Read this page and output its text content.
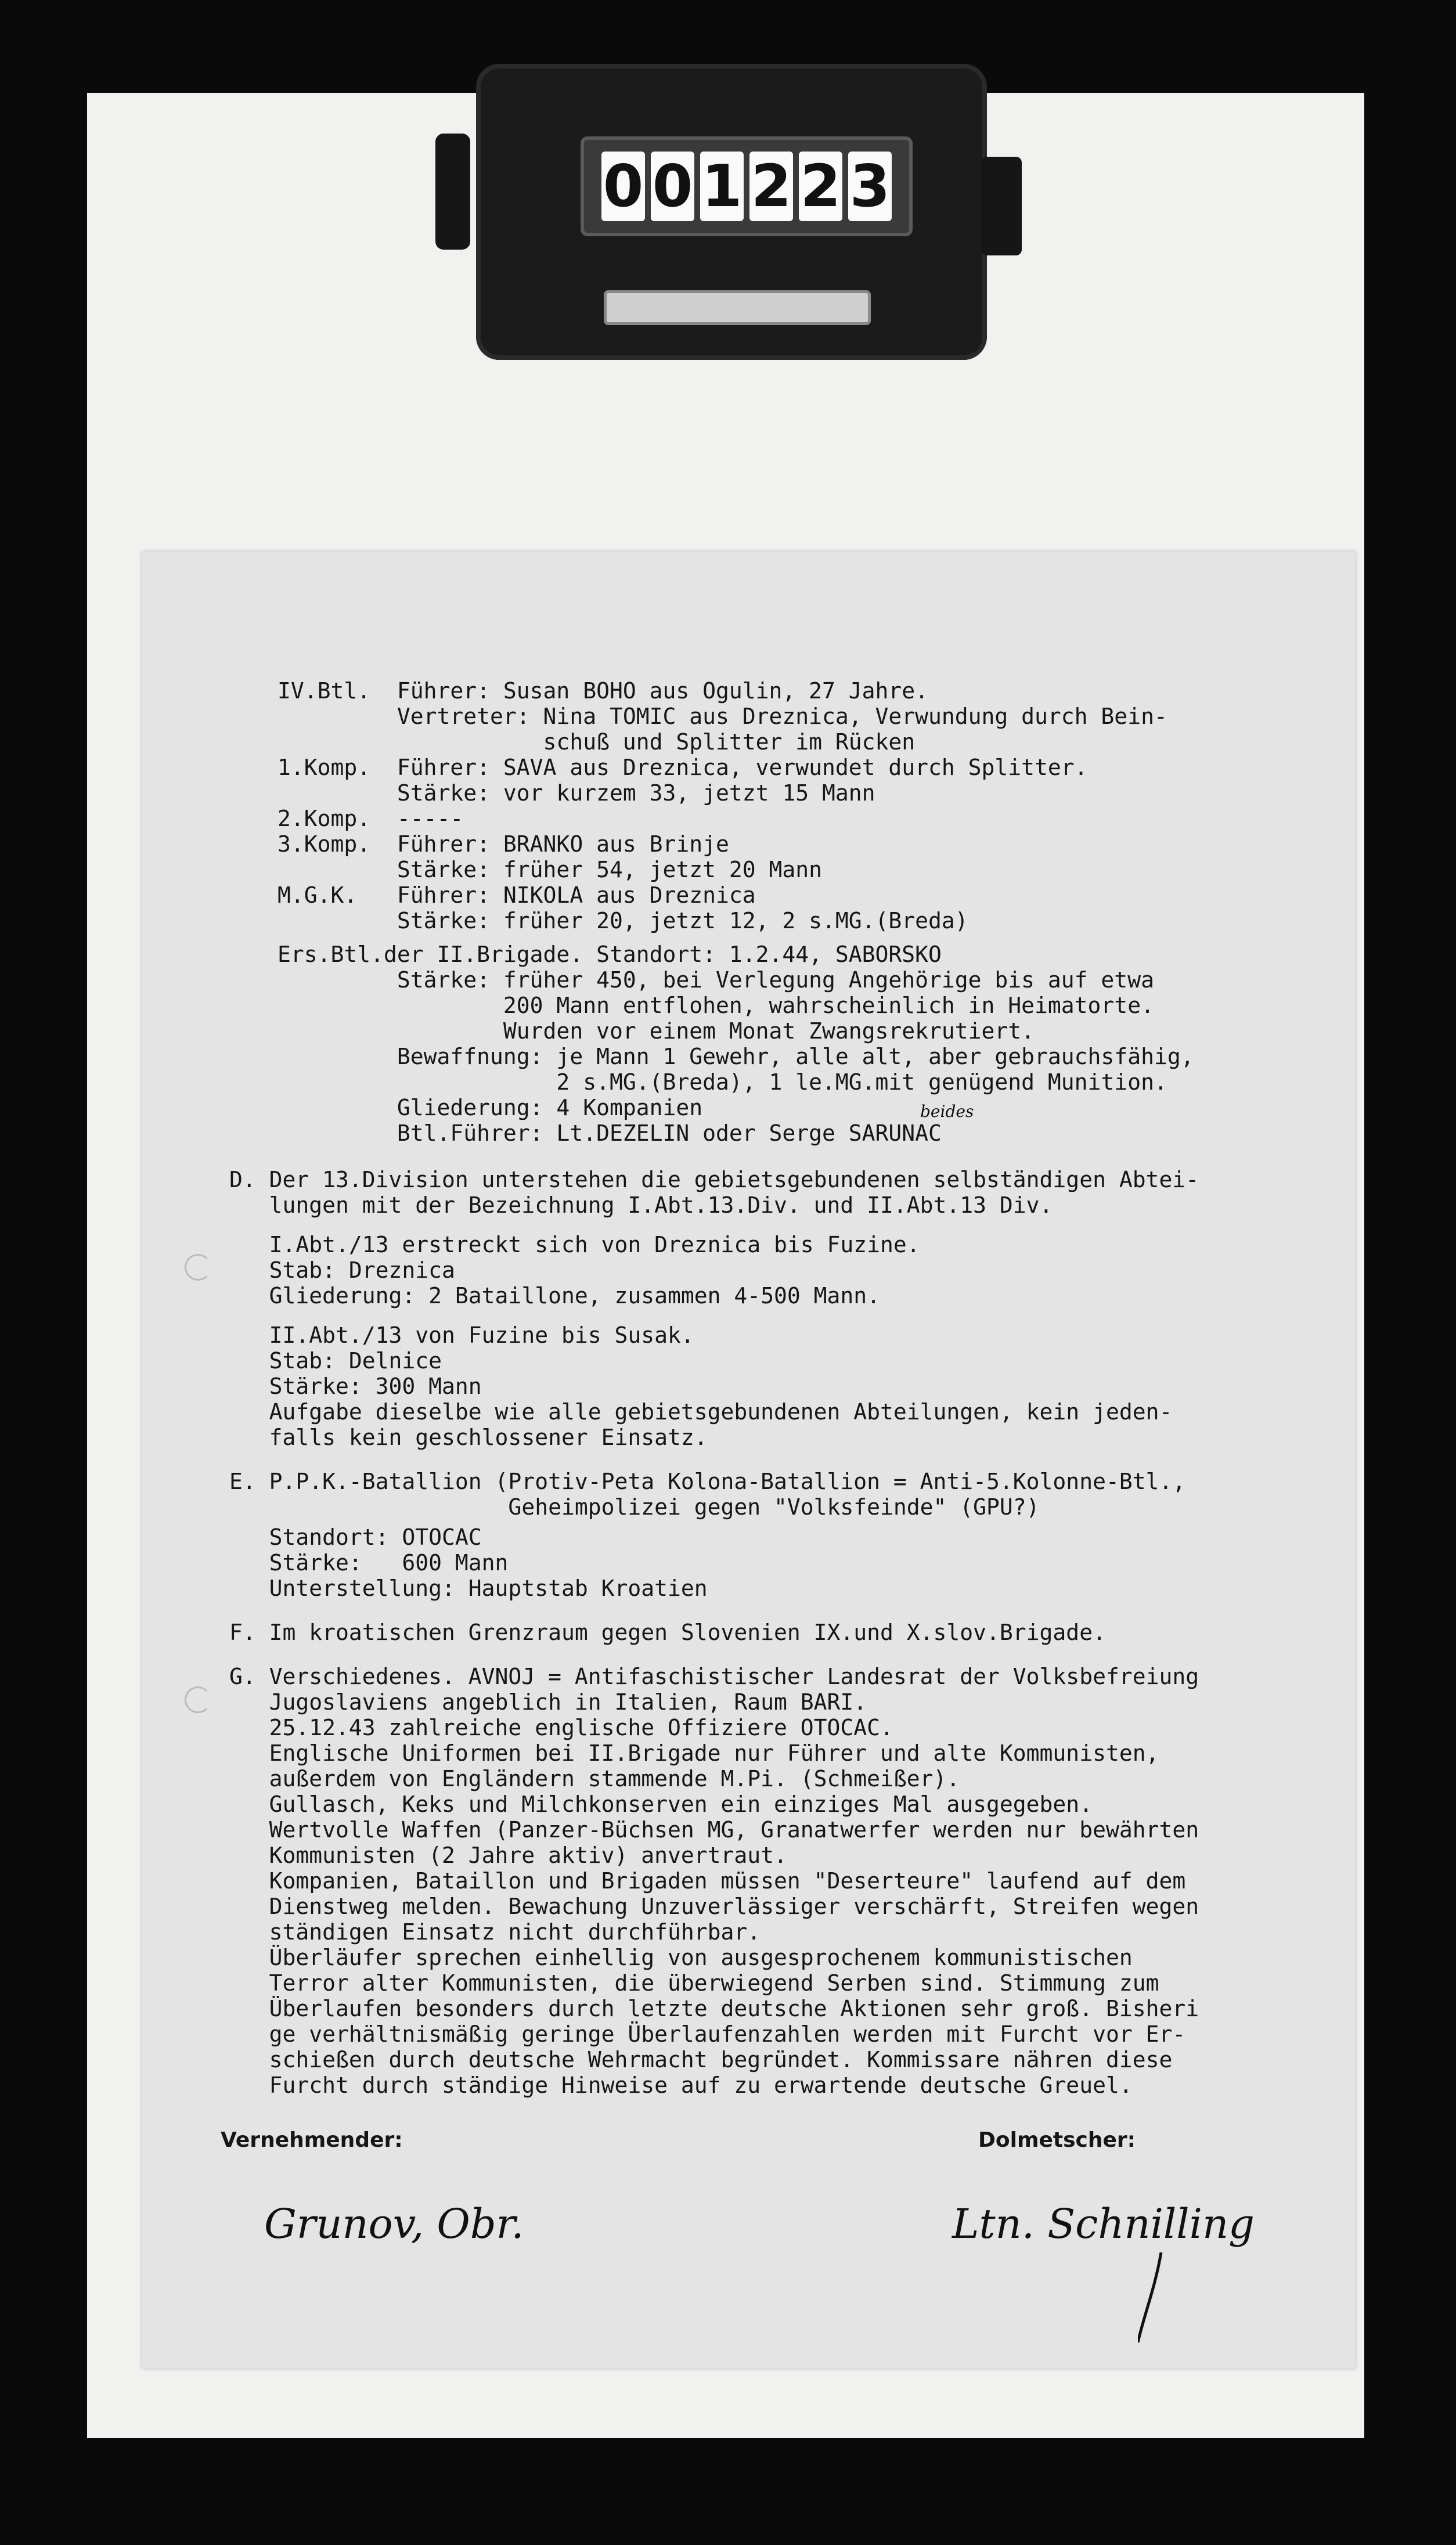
0 0 1 2 2 3
IV.Btl.  Führer: Susan BOHO aus Ogulin, 27 Jahre.
Vertreter: Nina TOMIC aus Dreznica, Verwundung durch Bein-
schuß und Splitter im Rücken
1.Komp.  Führer: SAVA aus Dreznica, verwundet durch Splitter.
Stärke: vor kurzem 33, jetzt 15 Mann
2.Komp.  -----
3.Komp.  Führer: BRANKO aus Brinje
Stärke: früher 54, jetzt 20 Mann
M.G.K.   Führer: NIKOLA aus Dreznica
Stärke: früher 20, jetzt 12, 2 s.MG.(Breda)
Ers.Btl.der II.Brigade. Standort: 1.2.44, SABORSKO
Stärke: früher 450, bei Verlegung Angehörige bis auf etwa
200 Mann entflohen, wahrscheinlich in Heimatorte.
Wurden vor einem Monat Zwangsrekrutiert.
Bewaffnung: je Mann 1 Gewehr, alle alt, aber gebrauchsfähig,
2 s.MG.(Breda), 1 le.MG.mit genügend Munition.
Gliederung: 4 Kompanien
Btl.Führer: Lt.DEZELIN oder Serge SARUNAC
beides
D. Der 13.Division unterstehen die gebietsgebundenen selbständigen Abtei-
lungen mit der Bezeichnung I.Abt.13.Div. und II.Abt.13 Div.
I.Abt./13 erstreckt sich von Dreznica bis Fuzine.
Stab: Dreznica
Gliederung: 2 Bataillone, zusammen 4-500 Mann.
II.Abt./13 von Fuzine bis Susak.
Stab: Delnice
Stärke: 300 Mann
Aufgabe dieselbe wie alle gebietsgebundenen Abteilungen, kein jeden-
falls kein geschlossener Einsatz.
E. P.P.K.-Batallion (Protiv-Peta Kolona-Batallion = Anti-5.Kolonne-Btl.,
Geheimpolizei gegen "Volksfeinde" (GPU?)
Standort: OTOCAC
Stärke:   600 Mann
Unterstellung: Hauptstab Kroatien
F. Im kroatischen Grenzraum gegen Slovenien IX.und X.slov.Brigade.
G. Verschiedenes. AVNOJ = Antifaschistischer Landesrat der Volksbefreiung
Jugoslaviens angeblich in Italien, Raum BARI.
25.12.43 zahlreiche englische Offiziere OTOCAC.
Englische Uniformen bei II.Brigade nur Führer und alte Kommunisten,
außerdem von Engländern stammende M.Pi. (Schmeißer).
Gullasch, Keks und Milchkonserven ein einziges Mal ausgegeben.
Wertvolle Waffen (Panzer-Büchsen MG, Granatwerfer werden nur bewährten
Kommunisten (2 Jahre aktiv) anvertraut.
Kompanien, Bataillon und Brigaden müssen "Deserteure" laufend auf dem
Dienstweg melden. Bewachung Unzuverlässiger verschärft, Streifen wegen
ständigen Einsatz nicht durchführbar.
Überläufer sprechen einhellig von ausgesprochenem kommunistischen
Terror alter Kommunisten, die überwiegend Serben sind. Stimmung zum
Überlaufen besonders durch letzte deutsche Aktionen sehr groß. Bisheri
ge verhältnismäßig geringe Überlaufenzahlen werden mit Furcht vor Er-
schießen durch deutsche Wehrmacht begründet. Kommissare nähren diese
Furcht durch ständige Hinweise auf zu erwartende deutsche Greuel.
Vernehmender:	Dolmetscher:
Grunov, Obr.	Ltn. Schnilling
